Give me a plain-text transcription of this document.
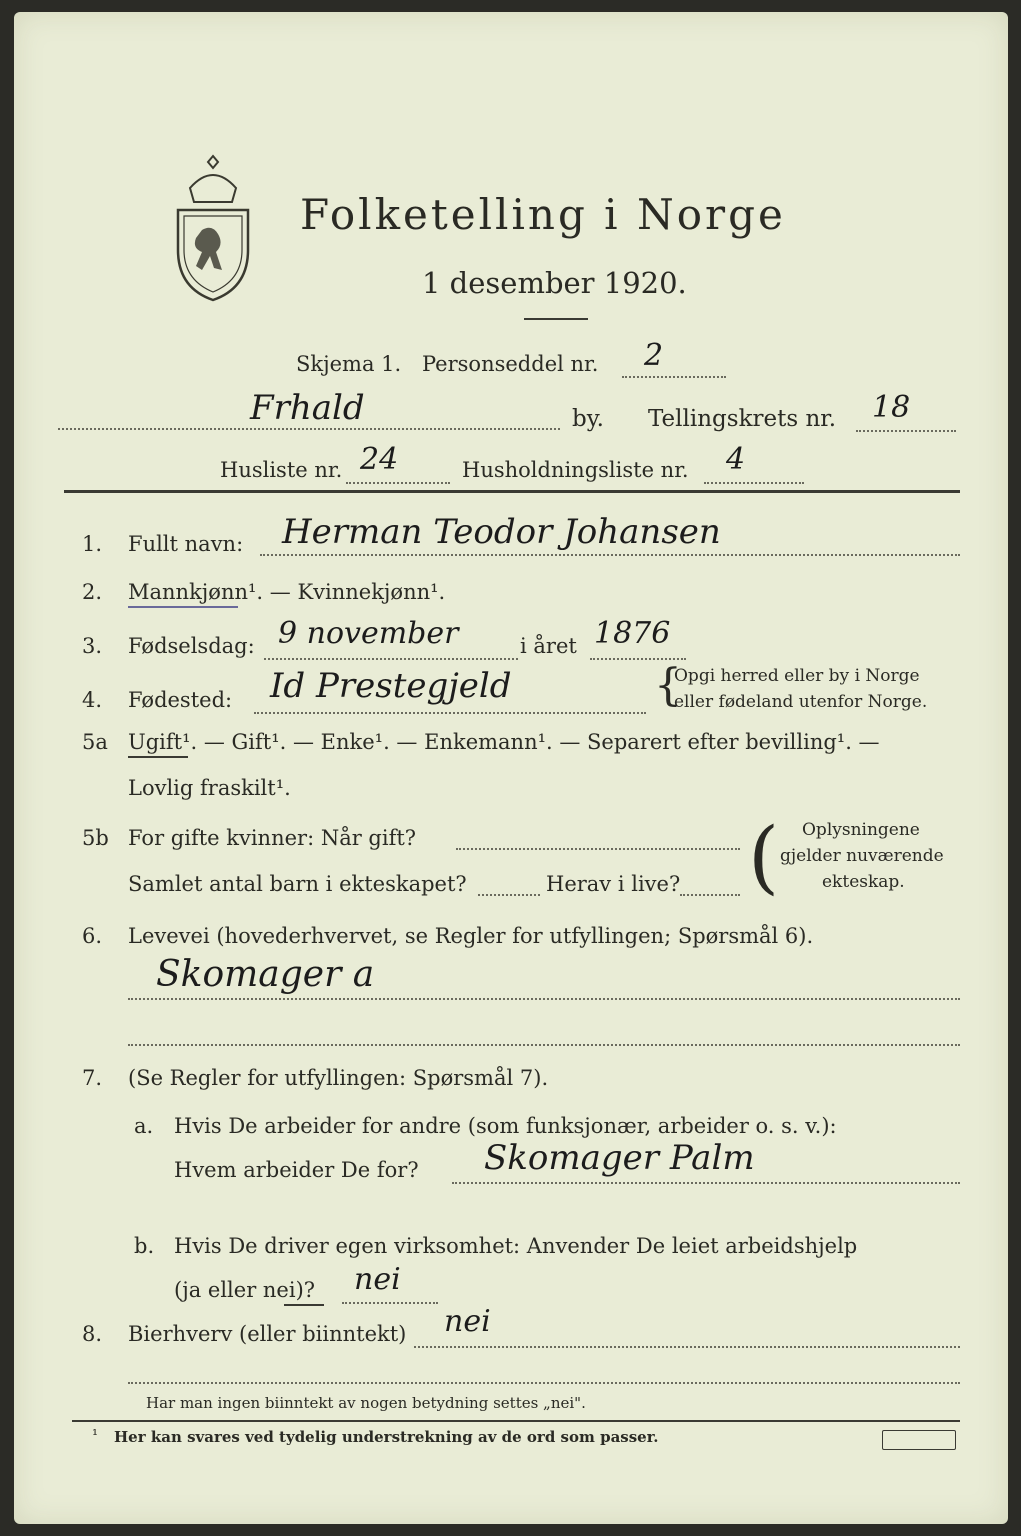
Folketelling i Norge
1 desember 1920.
Skjema 1. Personseddel nr. 2
Frhald	by. Tellingskrets nr. 18
Husliste nr. 24	Husholdningsliste nr. 4
1. Fullt navn: Herman Teodor Johansen
2. Mannkjønn¹. — Kvinnekjønn¹.
3. Fødselsdag: 9 november	i året 1876
4. Fødested: Id Prestegjeld	{
Opgi herred eller by i Norge
eller fødeland utenfor Norge.
5a Ugift¹. — Gift¹. — Enke¹. — Enkemann¹. — Separert efter bevilling¹. —
Lovlig fraskilt¹.
5b For gifte kvinner: Når gift?
Samlet antal barn i ekteskapet?	Herav i live? ( Oplysningene
gjelder nuværende
ekteskap.
6. Levevei (hovederhvervet, se Regler for utfyllingen; Spørsmål 6).
Skomager a
7. (Se Regler for utfyllingen: Spørsmål 7).
a. Hvis De arbeider for andre (som funksjonær, arbeider o. s. v.):
Hvem arbeider De for? Skomager Palm
b. Hvis De driver egen virksomhet: Anvender De leiet arbeidshjelp
(ja eller nei)? nei
8. Bierhverv (eller biinntekt) nei
Har man ingen biinntekt av nogen betydning settes „nei".
¹ Her kan svares ved tydelig understrekning av de ord som passer.
